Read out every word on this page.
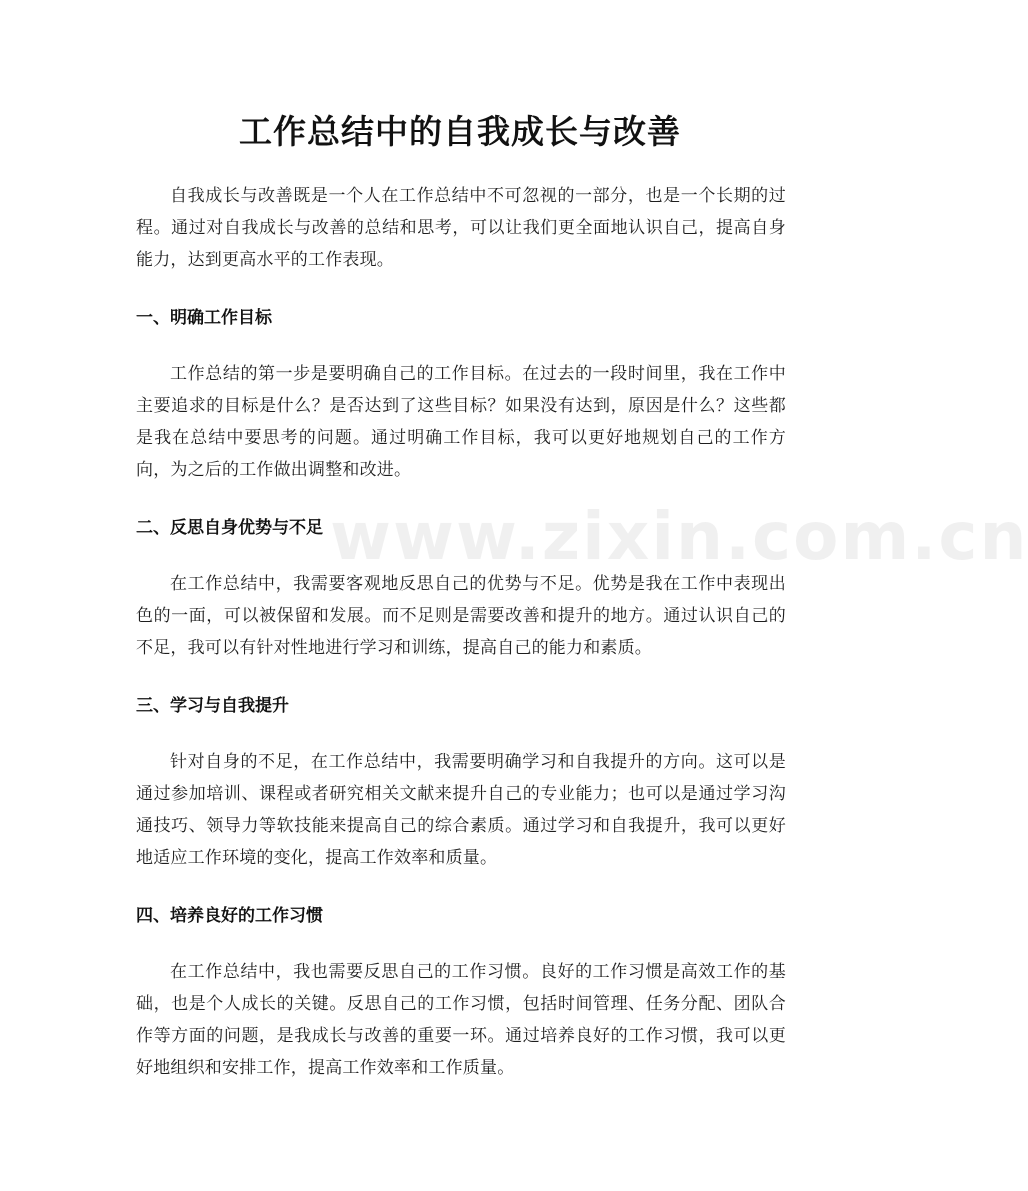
www.zixin.com.cn
工作总结中的自我成长与改善

自我成长与改善既是一个人在工作总结中不可忽视的一部分，也是一个长期的过程。通过对自我成长与改善的总结和思考，可以让我们更全面地认识自己，提高自身能力，达到更高水平的工作表现。

一、明确工作目标

工作总结的第一步是要明确自己的工作目标。在过去的一段时间里，我在工作中主要追求的目标是什么？是否达到了这些目标？如果没有达到，原因是什么？这些都是我在总结中要思考的问题。通过明确工作目标，我可以更好地规划自己的工作方向，为之后的工作做出调整和改进。

二、反思自身优势与不足

在工作总结中，我需要客观地反思自己的优势与不足。优势是我在工作中表现出色的一面，可以被保留和发展。而不足则是需要改善和提升的地方。通过认识自己的不足，我可以有针对性地进行学习和训练，提高自己的能力和素质。

三、学习与自我提升

针对自身的不足，在工作总结中，我需要明确学习和自我提升的方向。这可以是通过参加培训、课程或者研究相关文献来提升自己的专业能力；也可以是通过学习沟通技巧、领导力等软技能来提高自己的综合素质。通过学习和自我提升，我可以更好地适应工作环境的变化，提高工作效率和质量。

四、培养良好的工作习惯

在工作总结中，我也需要反思自己的工作习惯。良好的工作习惯是高效工作的基础，也是个人成长的关键。反思自己的工作习惯，包括时间管理、任务分配、团队合作等方面的问题，是我成长与改善的重要一环。通过培养良好的工作习惯，我可以更好地组织和安排工作，提高工作效率和工作质量。
